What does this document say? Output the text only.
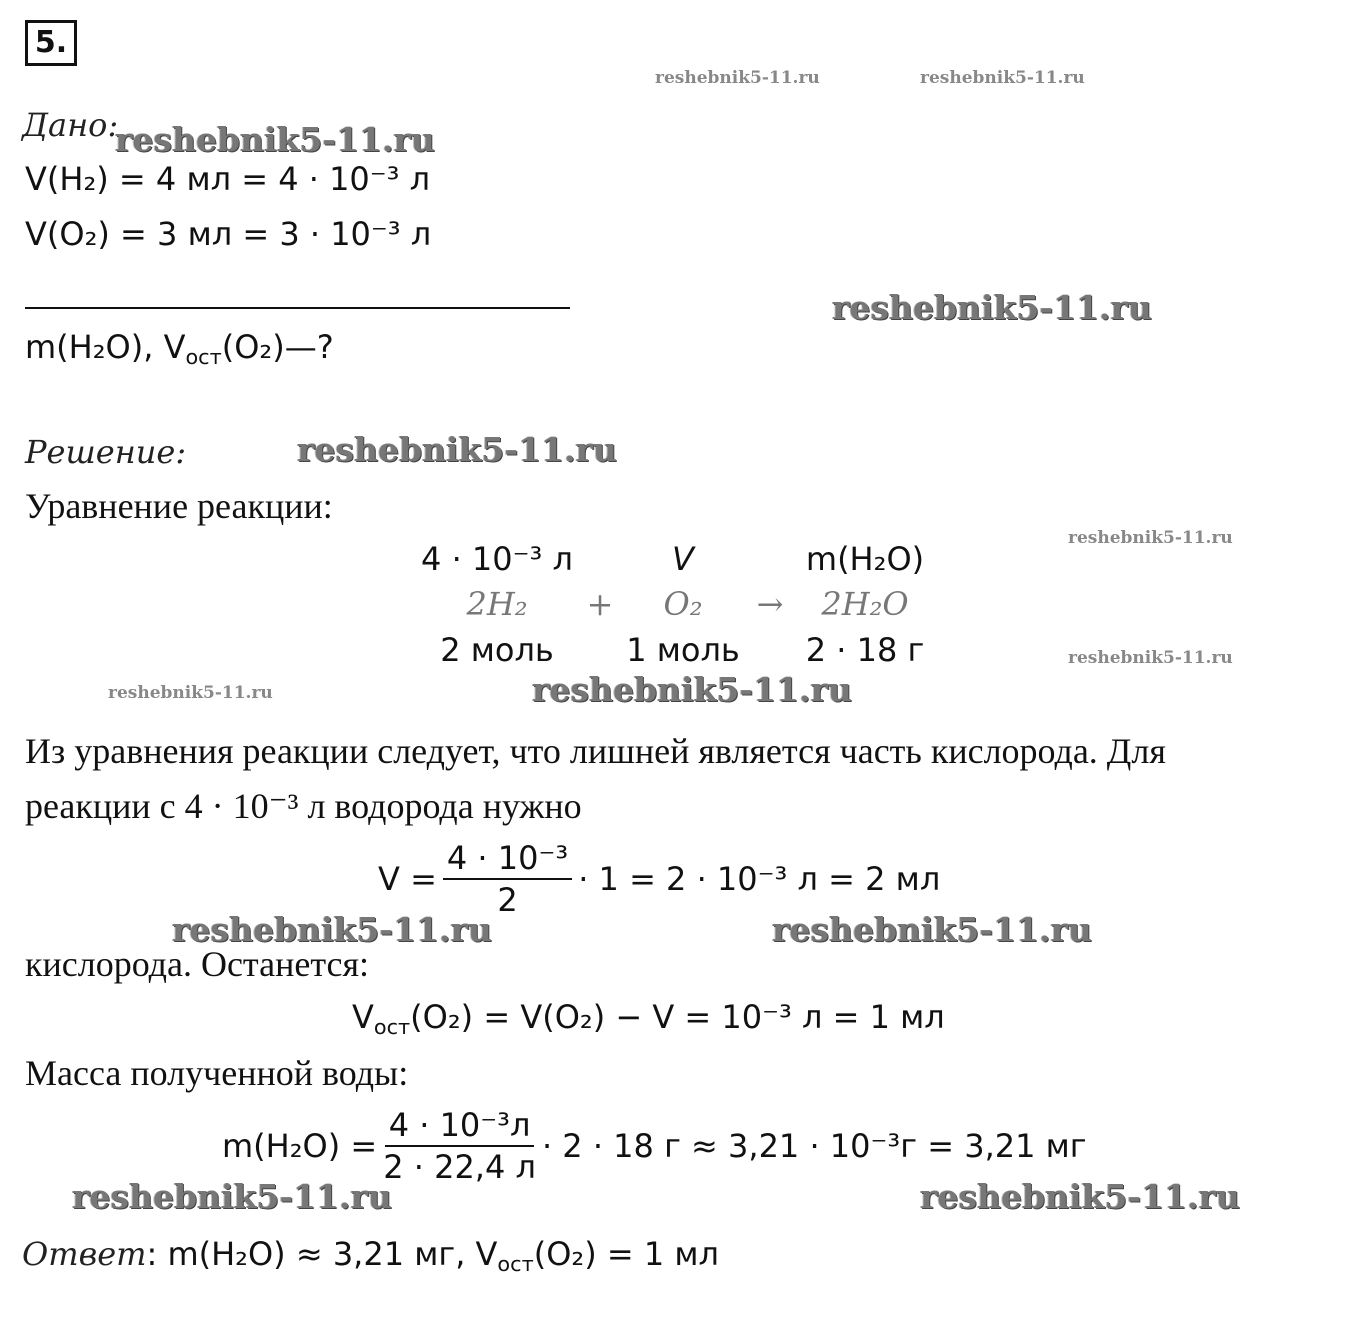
5.
reshebnik5-11.ru	reshebnik5-11.ru
reshebnik5-11.ru
reshebnik5-11.ru
reshebnik5-11.ru
reshebnik5-11.ru
reshebnik5-11.ru
reshebnik5-11.ru	reshebnik5-11.ru
reshebnik5-11.ru	reshebnik5-11.ru
reshebnik5-11.ru	reshebnik5-11.ru
Дано:
V(H₂) = 4 мл = 4 · 10⁻³ л
V(O₂) = 3 мл = 3 · 10⁻³ л
m(H₂O), $V_{ост}(O_2)—$?
Решение:
Уравнение реакции:
4 · 10⁻³ л	V	m(H₂O)
2H₂	+	O₂	→	2H₂O
2 моль	1 моль	2 · 18 г
Из уравнения реакции следует, что лишней является часть кислорода. Для
реакции с 4 · 10⁻³ л водорода нужно
$V = \frac{\text{4 · 10⁻³}}{2} \cdot 1 = 2 \cdot 10^{-3}$ л = 2 мл
кислорода. Останется:
$V_{ост}(O_2) = V(O_2) - V = 10^{-3}$ л = 1 мл
Масса полученной воды:
$m(H_2O) = \frac{\text{4 · 10⁻³л}}{2 \cdot 22,4 л} \cdot 2 \cdot 18$ г ≈ 3,21 · 10⁻³г = 3,21 мг
Ответ: m(H₂O) ≈ 3,21 мг, $V_{ост}(O_2) = 1$ мл
